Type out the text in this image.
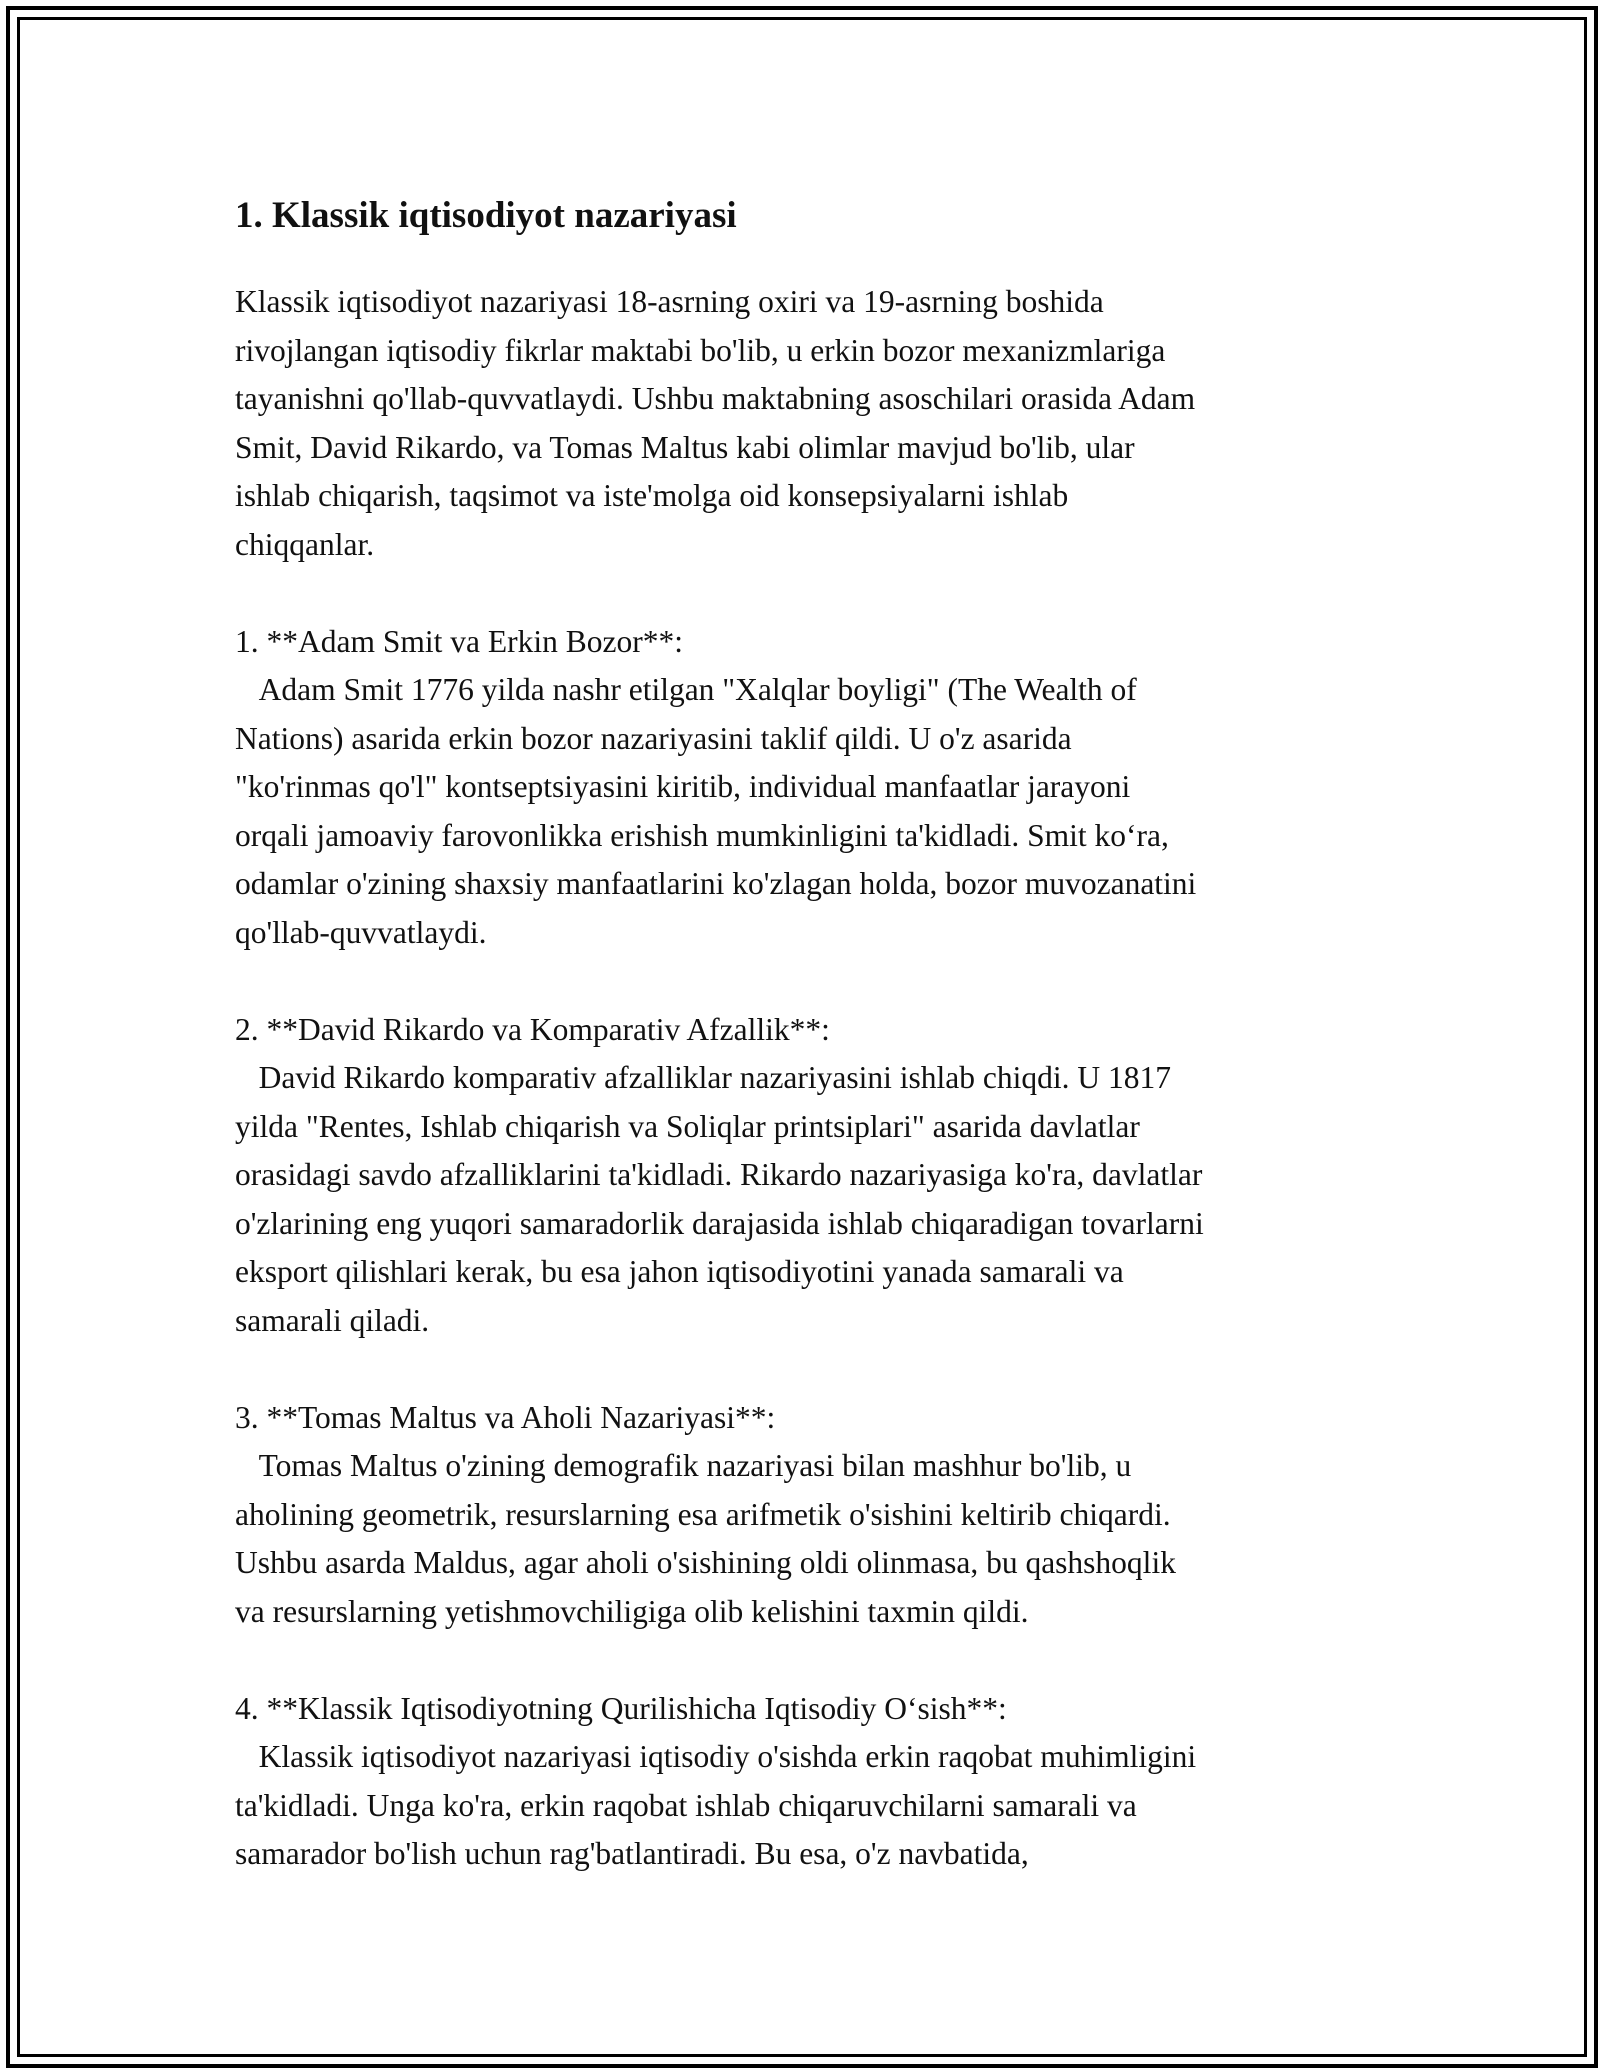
1. Klassik iqtisodiyot nazariyasi

Klassik iqtisodiyot nazariyasi 18-asrning oxiri va 19-asrning boshida
rivojlangan iqtisodiy fikrlar maktabi bo'lib, u erkin bozor mexanizmlariga
tayanishni qo'llab-quvvatlaydi. Ushbu maktabning asoschilari orasida Adam
Smit, David Rikardo, va Tomas Maltus kabi olimlar mavjud bo'lib, ular
ishlab chiqarish, taqsimot va iste'molga oid konsepsiyalarni ishlab
chiqqanlar.

1. **Adam Smit va Erkin Bozor**:
Adam Smit 1776 yilda nashr etilgan "Xalqlar boyligi" (The Wealth of
Nations) asarida erkin bozor nazariyasini taklif qildi. U o'z asarida
"ko'rinmas qo'l" kontseptsiyasini kiritib, individual manfaatlar jarayoni
orqali jamoaviy farovonlikka erishish mumkinligini ta'kidladi. Smit ko‘ra,
odamlar o'zining shaxsiy manfaatlarini ko'zlagan holda, bozor muvozanatini
qo'llab-quvvatlaydi.
2. **David Rikardo va Komparativ Afzallik**:
David Rikardo komparativ afzalliklar nazariyasini ishlab chiqdi. U 1817
yilda "Rentes, Ishlab chiqarish va Soliqlar printsiplari" asarida davlatlar
orasidagi savdo afzalliklarini ta'kidladi. Rikardo nazariyasiga ko'ra, davlatlar
o'zlarining eng yuqori samaradorlik darajasida ishlab chiqaradigan tovarlarni
eksport qilishlari kerak, bu esa jahon iqtisodiyotini yanada samarali va
samarali qiladi.
3. **Tomas Maltus va Aholi Nazariyasi**:
Tomas Maltus o'zining demografik nazariyasi bilan mashhur bo'lib, u
aholining geometrik, resurslarning esa arifmetik o'sishini keltirib chiqardi.
Ushbu asarda Maldus, agar aholi o'sishining oldi olinmasa, bu qashshoqlik
va resurslarning yetishmovchiligiga olib kelishini taxmin qildi.
4. **Klassik Iqtisodiyotning Qurilishicha Iqtisodiy O‘sish**:
Klassik iqtisodiyot nazariyasi iqtisodiy o'sishda erkin raqobat muhimligini
ta'kidladi. Unga ko'ra, erkin raqobat ishlab chiqaruvchilarni samarali va
samarador bo'lish uchun rag'batlantiradi. Bu esa, o'z navbatida,
